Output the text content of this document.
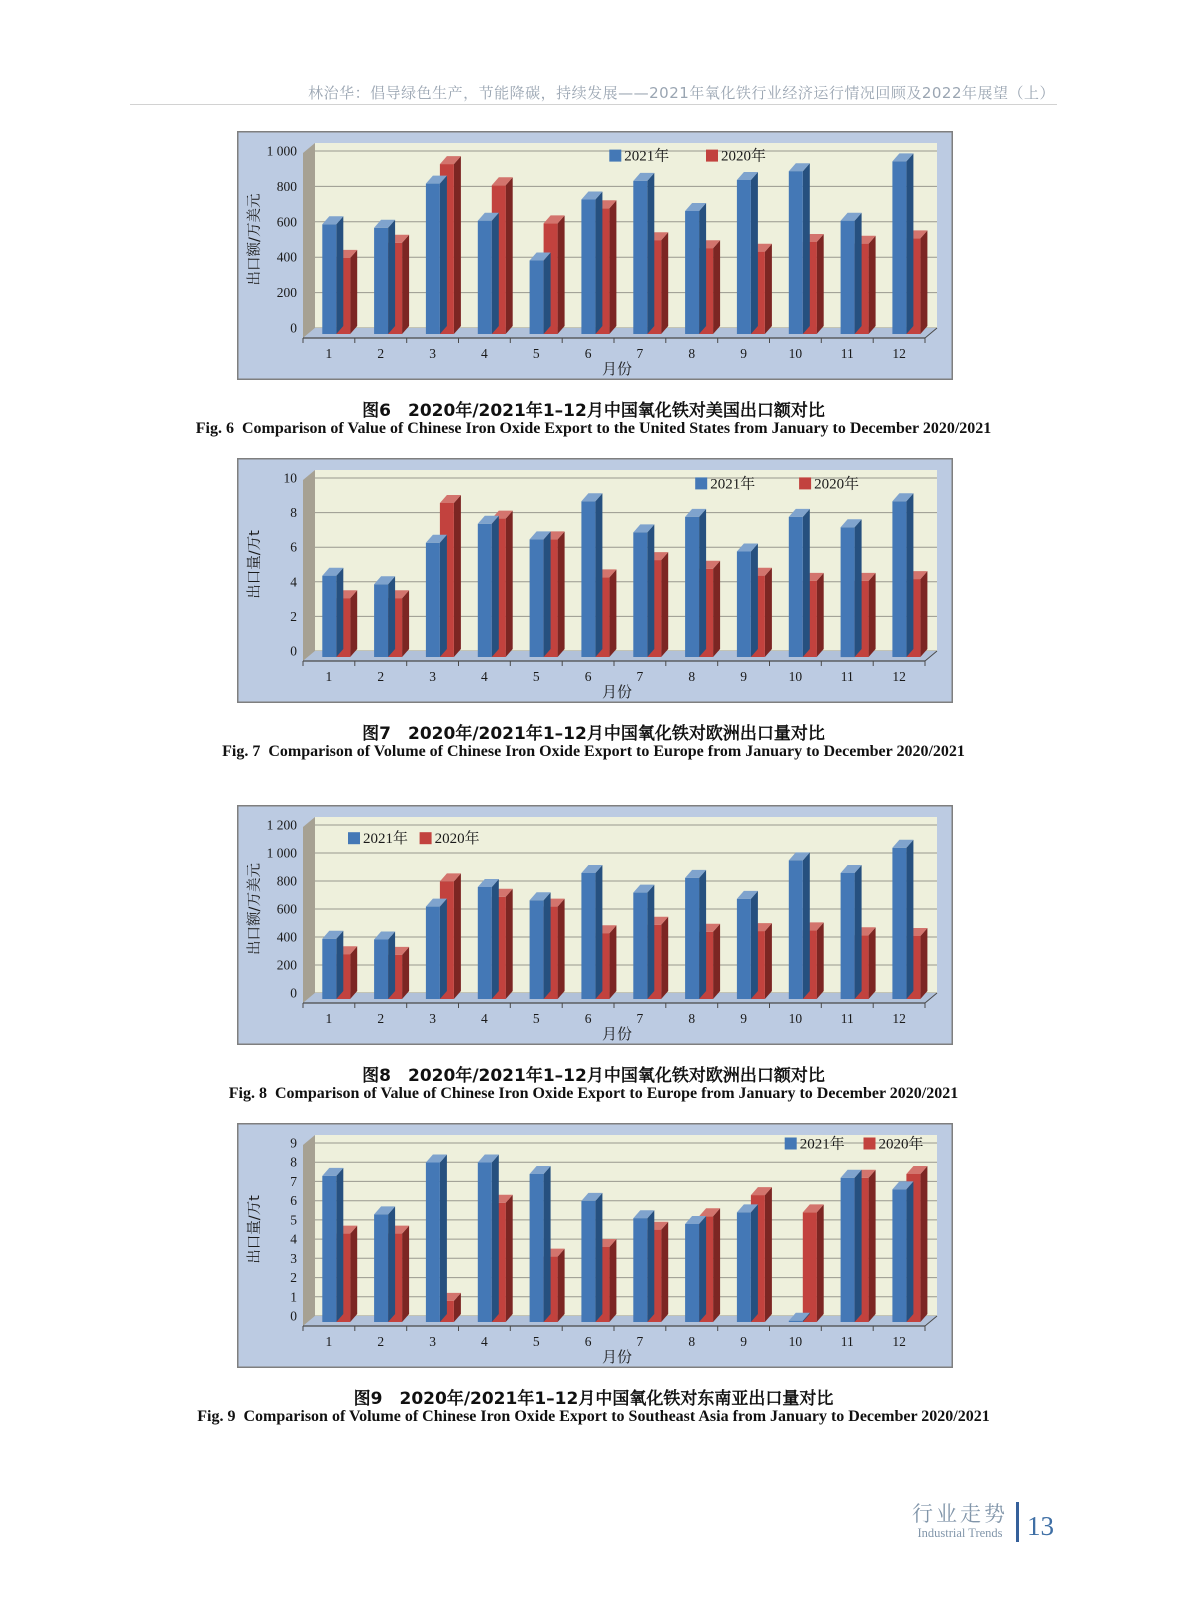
林治华：倡导绿色生产，节能降碳，持续发展——2021年氧化铁行业经济运行情况回顾及2022年展望（上）
0
200
400
600
800
1 000
1	2	3	4	5	6	7	8	9	10	11	12
月份
出口额/万美元
2021年	2020年
图6　2020年/2021年1–12月中国氧化铁对美国出口额对比
Fig. 6  Comparison of Value of Chinese Iron Oxide Export to the United States from January to December 2020/2021
0
2
4
6
8
10
1	2	3	4	5	6	7	8	9	10	11	12
月份
出口量/万t
2021年	2020年
图7　2020年/2021年1–12月中国氧化铁对欧洲出口量对比
Fig. 7  Comparison of Volume of Chinese Iron Oxide Export to Europe from January to December 2020/2021
0
200
400
600
800
1 000
1 200
1	2	3	4	5	6	7	8	9	10	11	12
月份
出口额/万美元
2021年 2020年
图8　2020年/2021年1–12月中国氧化铁对欧洲出口额对比
Fig. 8  Comparison of Value of Chinese Iron Oxide Export to Europe from January to December 2020/2021
0
1
2
3
4
5
6
7
8
9
1	2	3	4	5	6	7	8	9	10	11	12
月份
出口量/万t
2021年 2020年
图9　2020年/2021年1–12月中国氧化铁对东南亚出口量对比
Fig. 9  Comparison of Volume of Chinese Iron Oxide Export to Southeast Asia from January to December 2020/2021
行业走势
Industrial Trends 13
